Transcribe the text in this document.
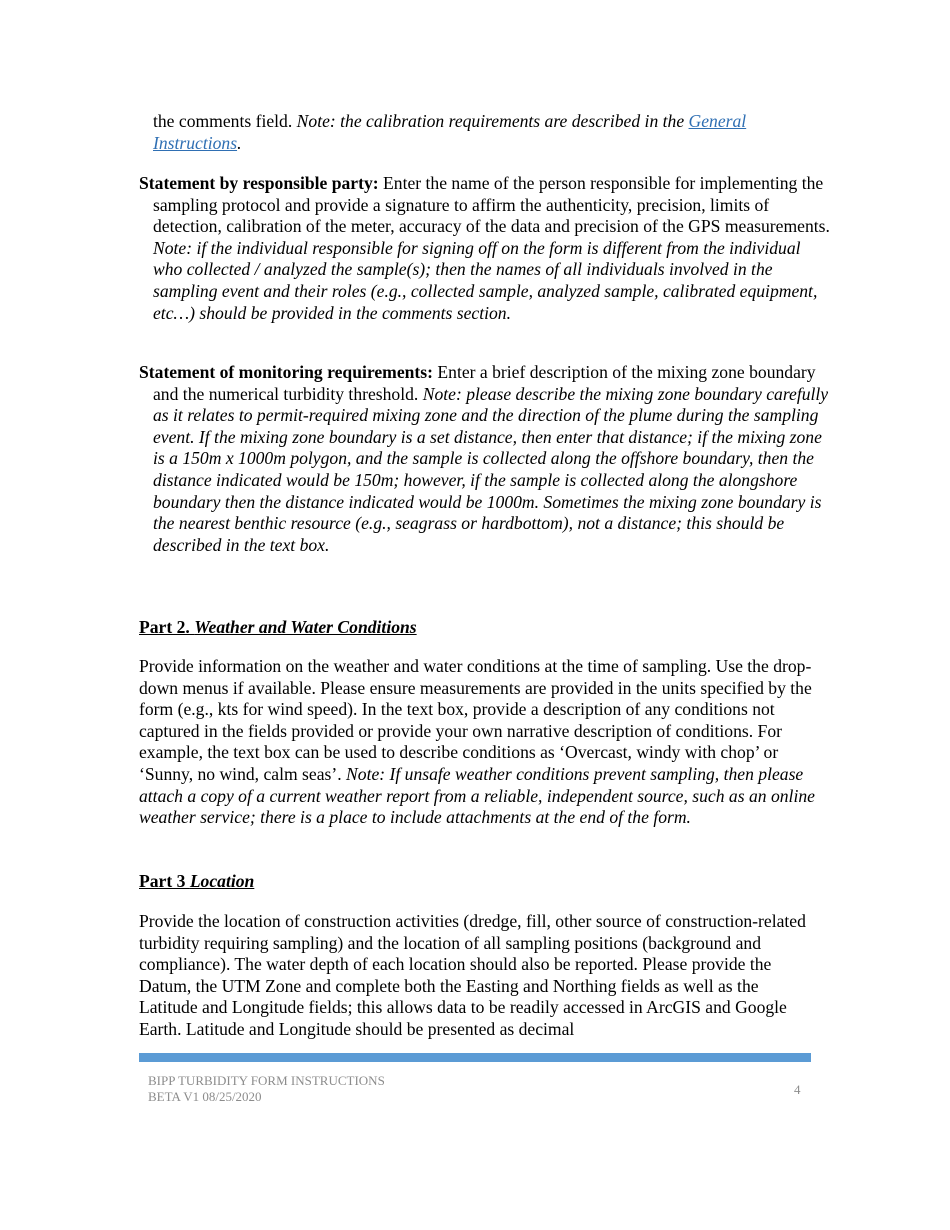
the comments field. Note: the calibration requirements are described in the General Instructions.
Statement by responsible party: Enter the name of the person responsible for implementing the sampling protocol and provide a signature to affirm the authenticity, precision, limits of detection, calibration of the meter, accuracy of the data and precision of the GPS measurements. Note: if the individual responsible for signing off on the form is different from the individual who collected / analyzed the sample(s); then the names of all individuals involved in the sampling event and their roles (e.g., collected sample, analyzed sample, calibrated equipment, etc…) should be provided in the comments section.
Statement of monitoring requirements: Enter a brief description of the mixing zone boundary and the numerical turbidity threshold. Note: please describe the mixing zone boundary carefully as it relates to permit-required mixing zone and the direction of the plume during the sampling event. If the mixing zone boundary is a set distance, then enter that distance; if the mixing zone is a 150m x 1000m polygon, and the sample is collected along the offshore boundary, then the distance indicated would be 150m; however, if the sample is collected along the alongshore boundary then the distance indicated would be 1000m. Sometimes the mixing zone boundary is the nearest benthic resource (e.g., seagrass or hardbottom), not a distance; this should be described in the text box.
Part 2. Weather and Water Conditions
Provide information on the weather and water conditions at the time of sampling. Use the drop-down menus if available. Please ensure measurements are provided in the units specified by the form (e.g., kts for wind speed). In the text box, provide a description of any conditions not captured in the fields provided or provide your own narrative description of conditions. For example, the text box can be used to describe conditions as ‘Overcast, windy with chop’ or ‘Sunny, no wind, calm seas’. Note: If unsafe weather conditions prevent sampling, then please attach a copy of a current weather report from a reliable, independent source, such as an online weather service; there is a place to include attachments at the end of the form.
Part 3 Location
Provide the location of construction activities (dredge, fill, other source of construction-related turbidity requiring sampling) and the location of all sampling positions (background and compliance). The water depth of each location should also be reported. Please provide the Datum, the UTM Zone and complete both the Easting and Northing fields as well as the Latitude and Longitude fields; this allows data to be readily accessed in ArcGIS and Google Earth. Latitude and Longitude should be presented as decimal
BIPP TURBIDITY FORM INSTRUCTIONS
BETA V1 08/25/2020	4
